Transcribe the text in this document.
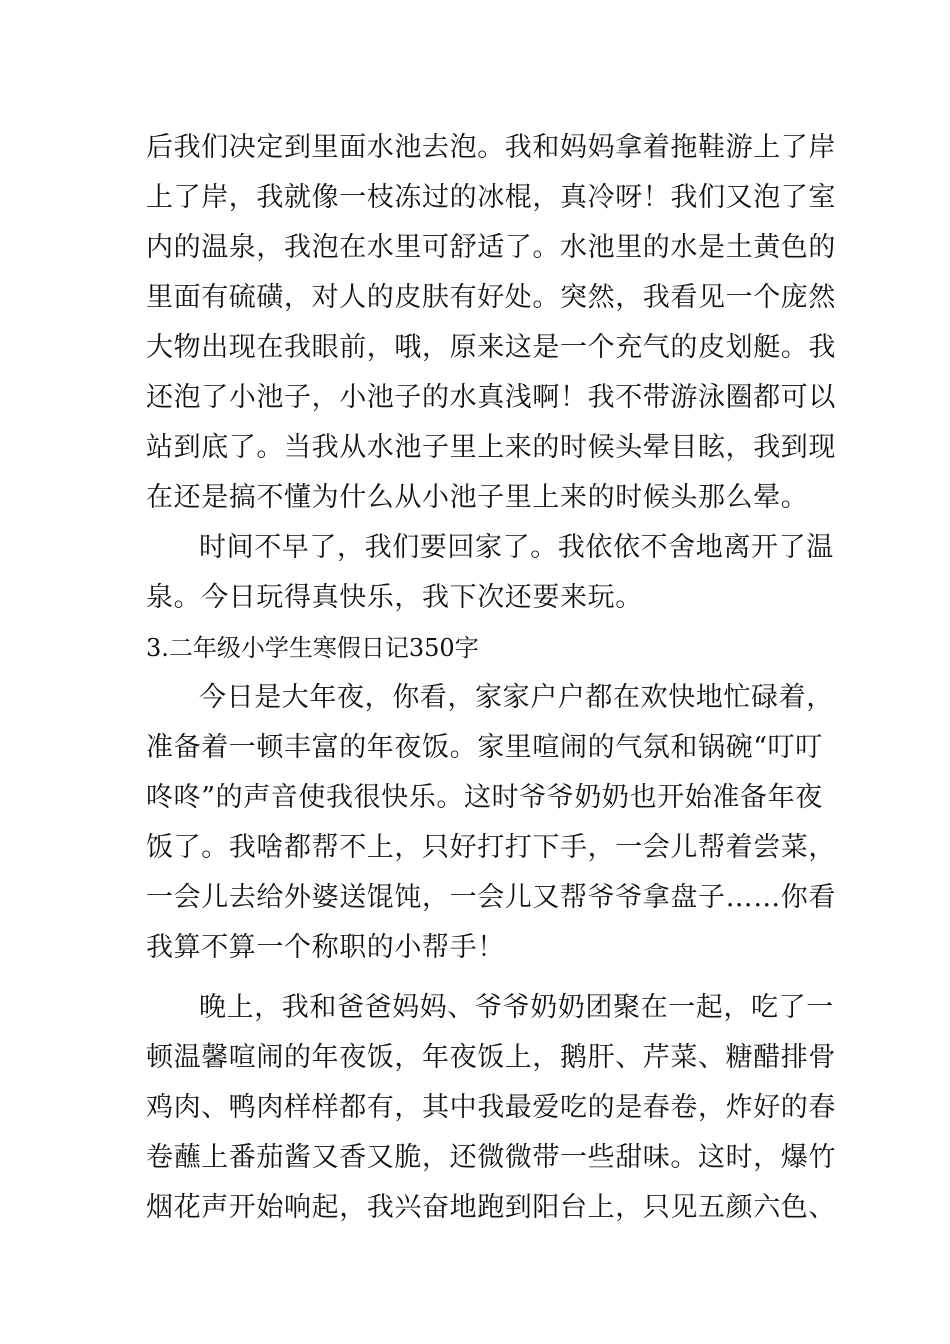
后我们决定到里面水池去泡。我和妈妈拿着拖鞋游上了岸
上了岸，我就像一枝冻过的冰棍，真冷呀！我们又泡了室
内的温泉，我泡在水里可舒适了。水池里的水是土黄色的
里面有硫磺，对人的皮肤有好处。突然，我看见一个庞然
大物出现在我眼前，哦，原来这是一个充气的皮划艇。我
还泡了小池子，小池子的水真浅啊！我不带游泳圈都可以
站到底了。当我从水池子里上来的时候头晕目眩，我到现
在还是搞不懂为什么从小池子里上来的时候头那么晕。
时间不早了，我们要回家了。我依依不舍地离开了温
泉。今日玩得真快乐，我下次还要来玩。
3.二年级小学生寒假日记350字
今日是大年夜，你看，家家户户都在欢快地忙碌着，
准备着一顿丰富的年夜饭。家里喧闹的气氛和锅碗“叮叮
咚咚”的声音使我很快乐。这时爷爷奶奶也开始准备年夜
饭了。我啥都帮不上，只好打打下手，一会儿帮着尝菜，
一会儿去给外婆送馄饨，一会儿又帮爷爷拿盘子……你看
我算不算一个称职的小帮手！
晚上，我和爸爸妈妈、爷爷奶奶团聚在一起，吃了一
顿温馨喧闹的年夜饭，年夜饭上，鹅肝、芹菜、糖醋排骨
鸡肉、鸭肉样样都有，其中我最爱吃的是春卷，炸好的春
卷蘸上番茄酱又香又脆，还微微带一些甜味。这时，爆竹
烟花声开始响起，我兴奋地跑到阳台上，只见五颜六色、
